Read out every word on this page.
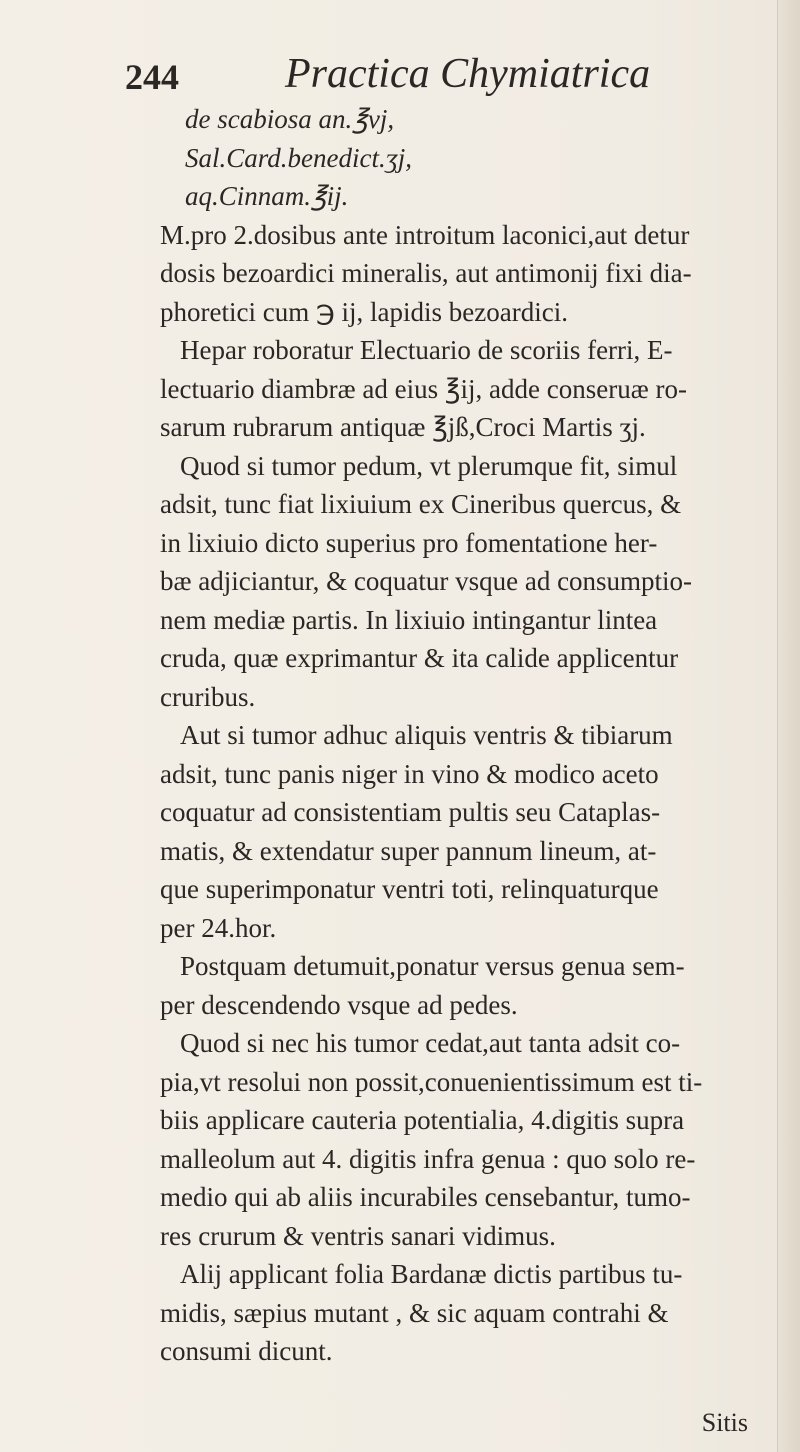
244	Practica Chymiatrica
de scabiosa an.℥vj,
Sal.Card.benedict.ʒj,
aq.Cinnam.℥ij.
M.pro 2.dosibus ante introitum laconici,aut detur
dosis bezoardici mineralis, aut antimonij fixi dia-
phoretici cum ℈ ij, lapidis bezoardici.
Hepar roboratur Electuario de scoriis ferri, E-
lectuario diambræ ad eius ℥ij, adde conseruæ ro-
sarum rubrarum antiquæ ℥jß,Croci Martis ʒj.
Quod si tumor pedum, vt plerumque fit, simul
adsit, tunc fiat lixiuium ex Cineribus quercus, &
in lixiuio dicto superius pro fomentatione her-
bæ adjiciantur, & coquatur vsque ad consumptio-
nem mediæ partis. In lixiuio intingantur lintea
cruda, quæ exprimantur & ita calide applicentur
cruribus.
Aut si tumor adhuc aliquis ventris & tibiarum
adsit, tunc panis niger in vino & modico aceto
coquatur ad consistentiam pultis seu Cataplas-
matis, & extendatur super pannum lineum, at-
que superimponatur ventri toti, relinquaturque
per 24.hor.
Postquam detumuit,ponatur versus genua sem-
per descendendo vsque ad pedes.
Quod si nec his tumor cedat,aut tanta adsit co-
pia,vt resolui non possit,conuenientissimum est ti-
biis applicare cauteria potentialia, 4.digitis supra
malleolum aut 4. digitis infra genua : quo solo re-
medio qui ab aliis incurabiles censebantur, tumo-
res crurum & ventris sanari vidimus.
Alij applicant folia Bardanæ dictis partibus tu-
midis, sæpius mutant , & sic aquam contrahi &
consumi dicunt.
Sitis
